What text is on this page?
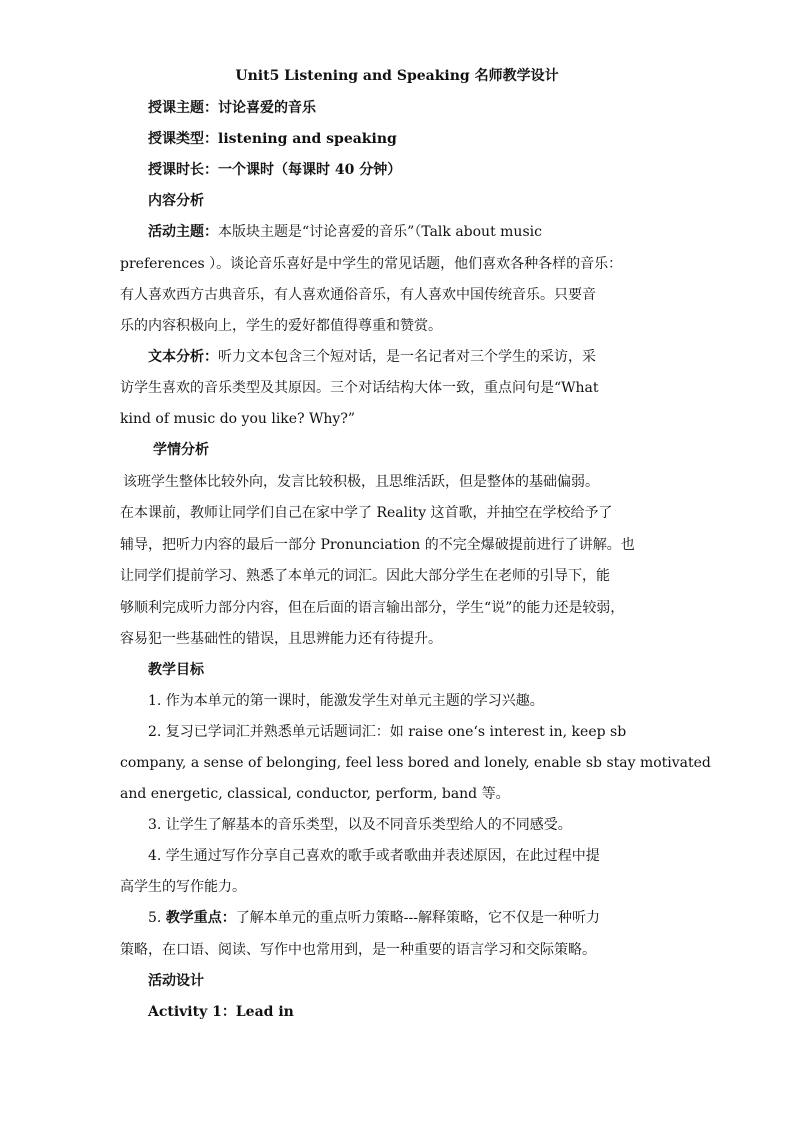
Unit5 Listening and Speaking 名师教学设计
授课主题：讨论喜爱的音乐
授课类型：listening and speaking
授课时长：一个课时（每课时 40 分钟）
内容分析
活动主题：本版块主题是“讨论喜爱的音乐”（Talk about music
preferences ）。谈论音乐喜好是中学生的常见话题，他们喜欢各种各样的音乐：
有人喜欢西方古典音乐，有人喜欢通俗音乐，有人喜欢中国传统音乐。只要音
乐的内容积极向上，学生的爱好都值得尊重和赞赏。
文本分析：听力文本包含三个短对话，是一名记者对三个学生的采访，采
访学生喜欢的音乐类型及其原因。三个对话结构大体一致，重点问句是“What
kind of music do you like? Why?”
学情分析
该班学生整体比较外向，发言比较积极，且思维活跃，但是整体的基础偏弱。
在本课前，教师让同学们自己在家中学了 Reality 这首歌，并抽空在学校给予了
辅导，把听力内容的最后一部分 Pronunciation 的不完全爆破提前进行了讲解。也
让同学们提前学习、熟悉了本单元的词汇。因此大部分学生在老师的引导下，能
够顺利完成听力部分内容，但在后面的语言输出部分，学生“说”的能力还是较弱，
容易犯一些基础性的错误，且思辨能力还有待提升。
教学目标
1. 作为本单元的第一课时，能激发学生对单元主题的学习兴趣。
2. 复习已学词汇并熟悉单元话题词汇：如 raise one‘s interest in, keep sb
company, a sense of belonging, feel less bored and lonely, enable sb stay motivated
and energetic, classical, conductor, perform, band 等。
3. 让学生了解基本的音乐类型，以及不同音乐类型给人的不同感受。
4. 学生通过写作分享自己喜欢的歌手或者歌曲并表述原因，在此过程中提
高学生的写作能力。
5. 教学重点：了解本单元的重点听力策略---解释策略，它不仅是一种听力
策略，在口语、阅读、写作中也常用到，是一种重要的语言学习和交际策略。
活动设计
Activity 1：Lead in
